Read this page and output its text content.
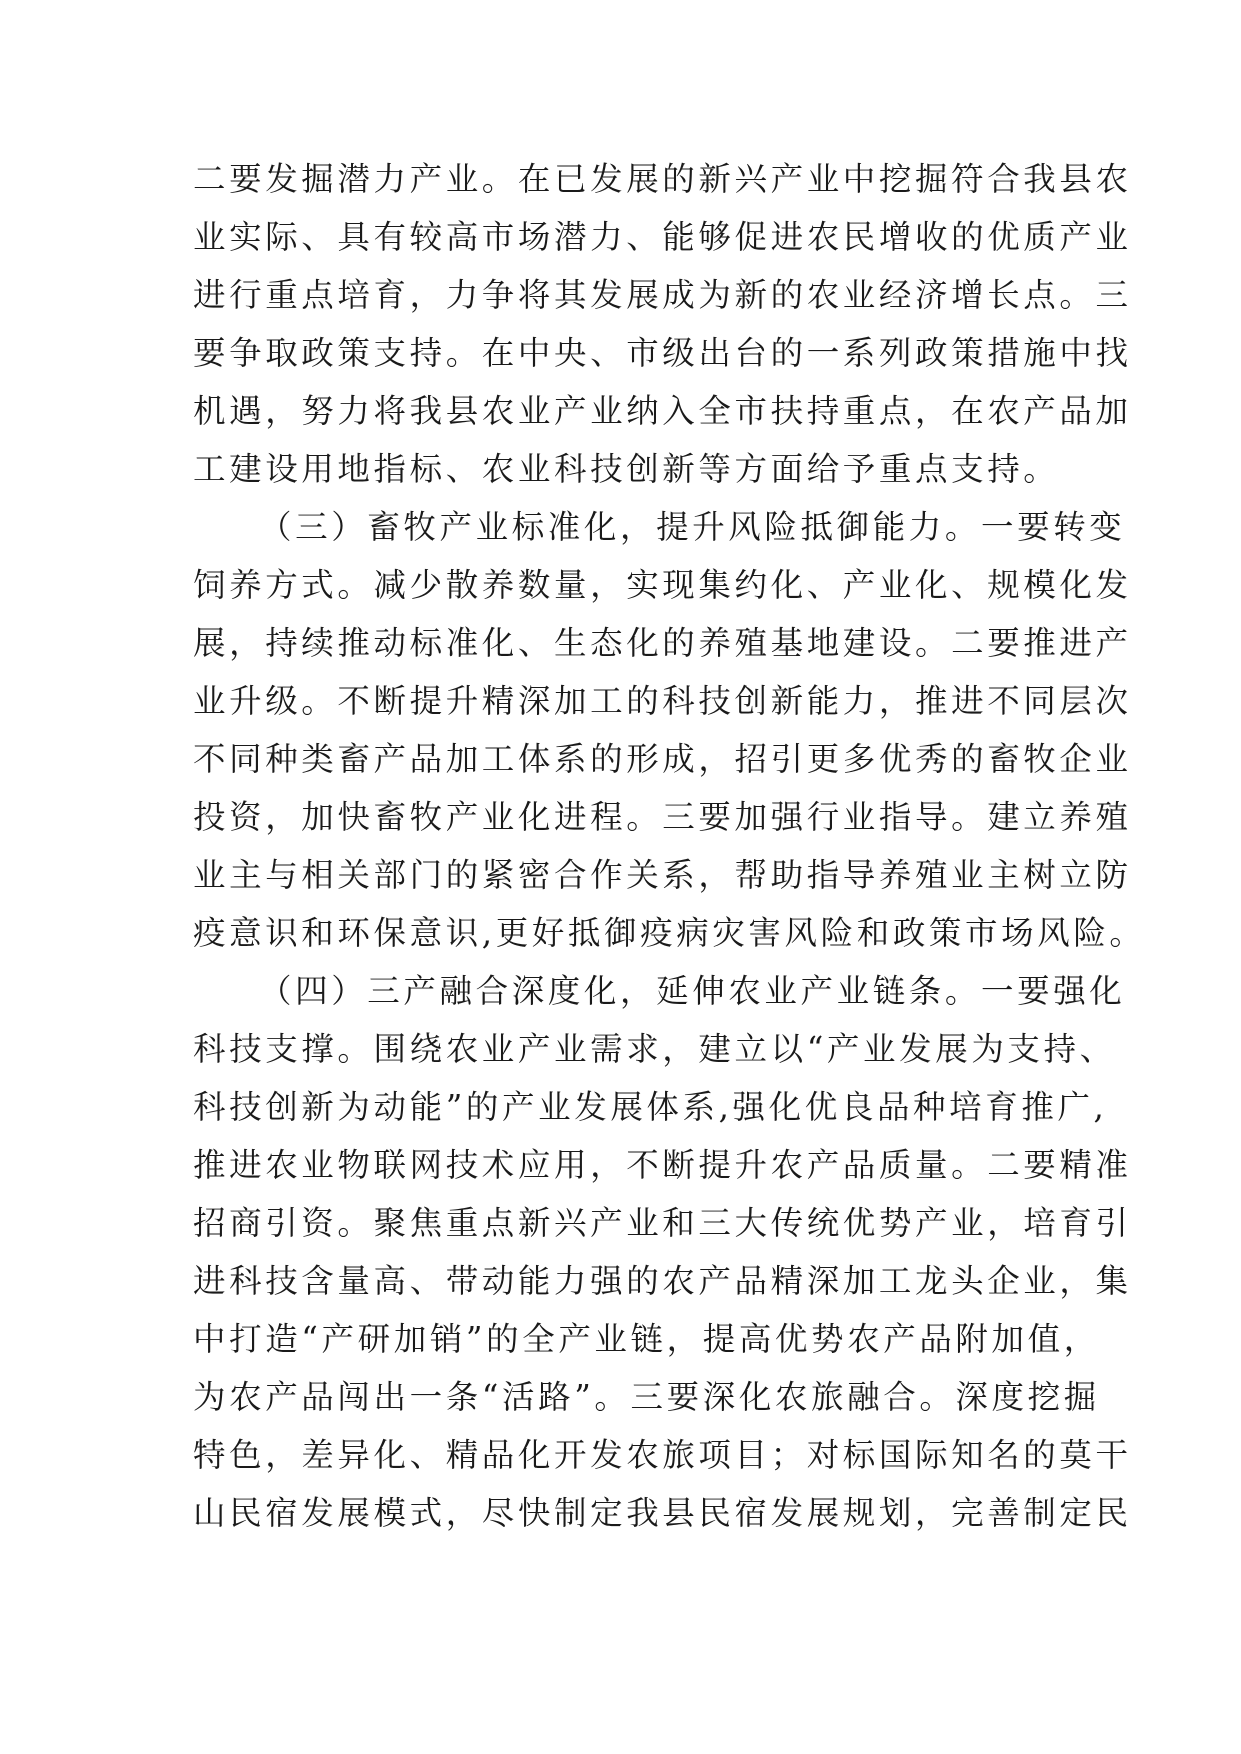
二要发掘潜力产业。在已发展的新兴产业中挖掘符合我县农
业实际、具有较高市场潜力、能够促进农民增收的优质产业
进行重点培育，力争将其发展成为新的农业经济增长点。三
要争取政策支持。在中央、市级出台的一系列政策措施中找
机遇，努力将我县农业产业纳入全市扶持重点，在农产品加
工建设用地指标、农业科技创新等方面给予重点支持。
（三）畜牧产业标准化，提升风险抵御能力。一要转变
饲养方式。减少散养数量，实现集约化、产业化、规模化发
展，持续推动标准化、生态化的养殖基地建设。二要推进产
业升级。不断提升精深加工的科技创新能力，推进不同层次
不同种类畜产品加工体系的形成，招引更多优秀的畜牧企业
投资，加快畜牧产业化进程。三要加强行业指导。建立养殖
业主与相关部门的紧密合作关系，帮助指导养殖业主树立防
疫意识和环保意识,更好抵御疫病灾害风险和政策市场风险。
（四）三产融合深度化，延伸农业产业链条。一要强化
科技支撑。围绕农业产业需求，建立以“产业发展为支持、
科技创新为动能”的产业发展体系,强化优良品种培育推广,
推进农业物联网技术应用，不断提升农产品质量。二要精准
招商引资。聚焦重点新兴产业和三大传统优势产业，培育引
进科技含量高、带动能力强的农产品精深加工龙头企业，集
中打造“产研加销”的全产业链，提高优势农产品附加值，
为农产品闯出一条“活路”。三要深化农旅融合。深度挖掘
特色，差异化、精品化开发农旅项目；对标国际知名的莫干
山民宿发展模式，尽快制定我县民宿发展规划，完善制定民
